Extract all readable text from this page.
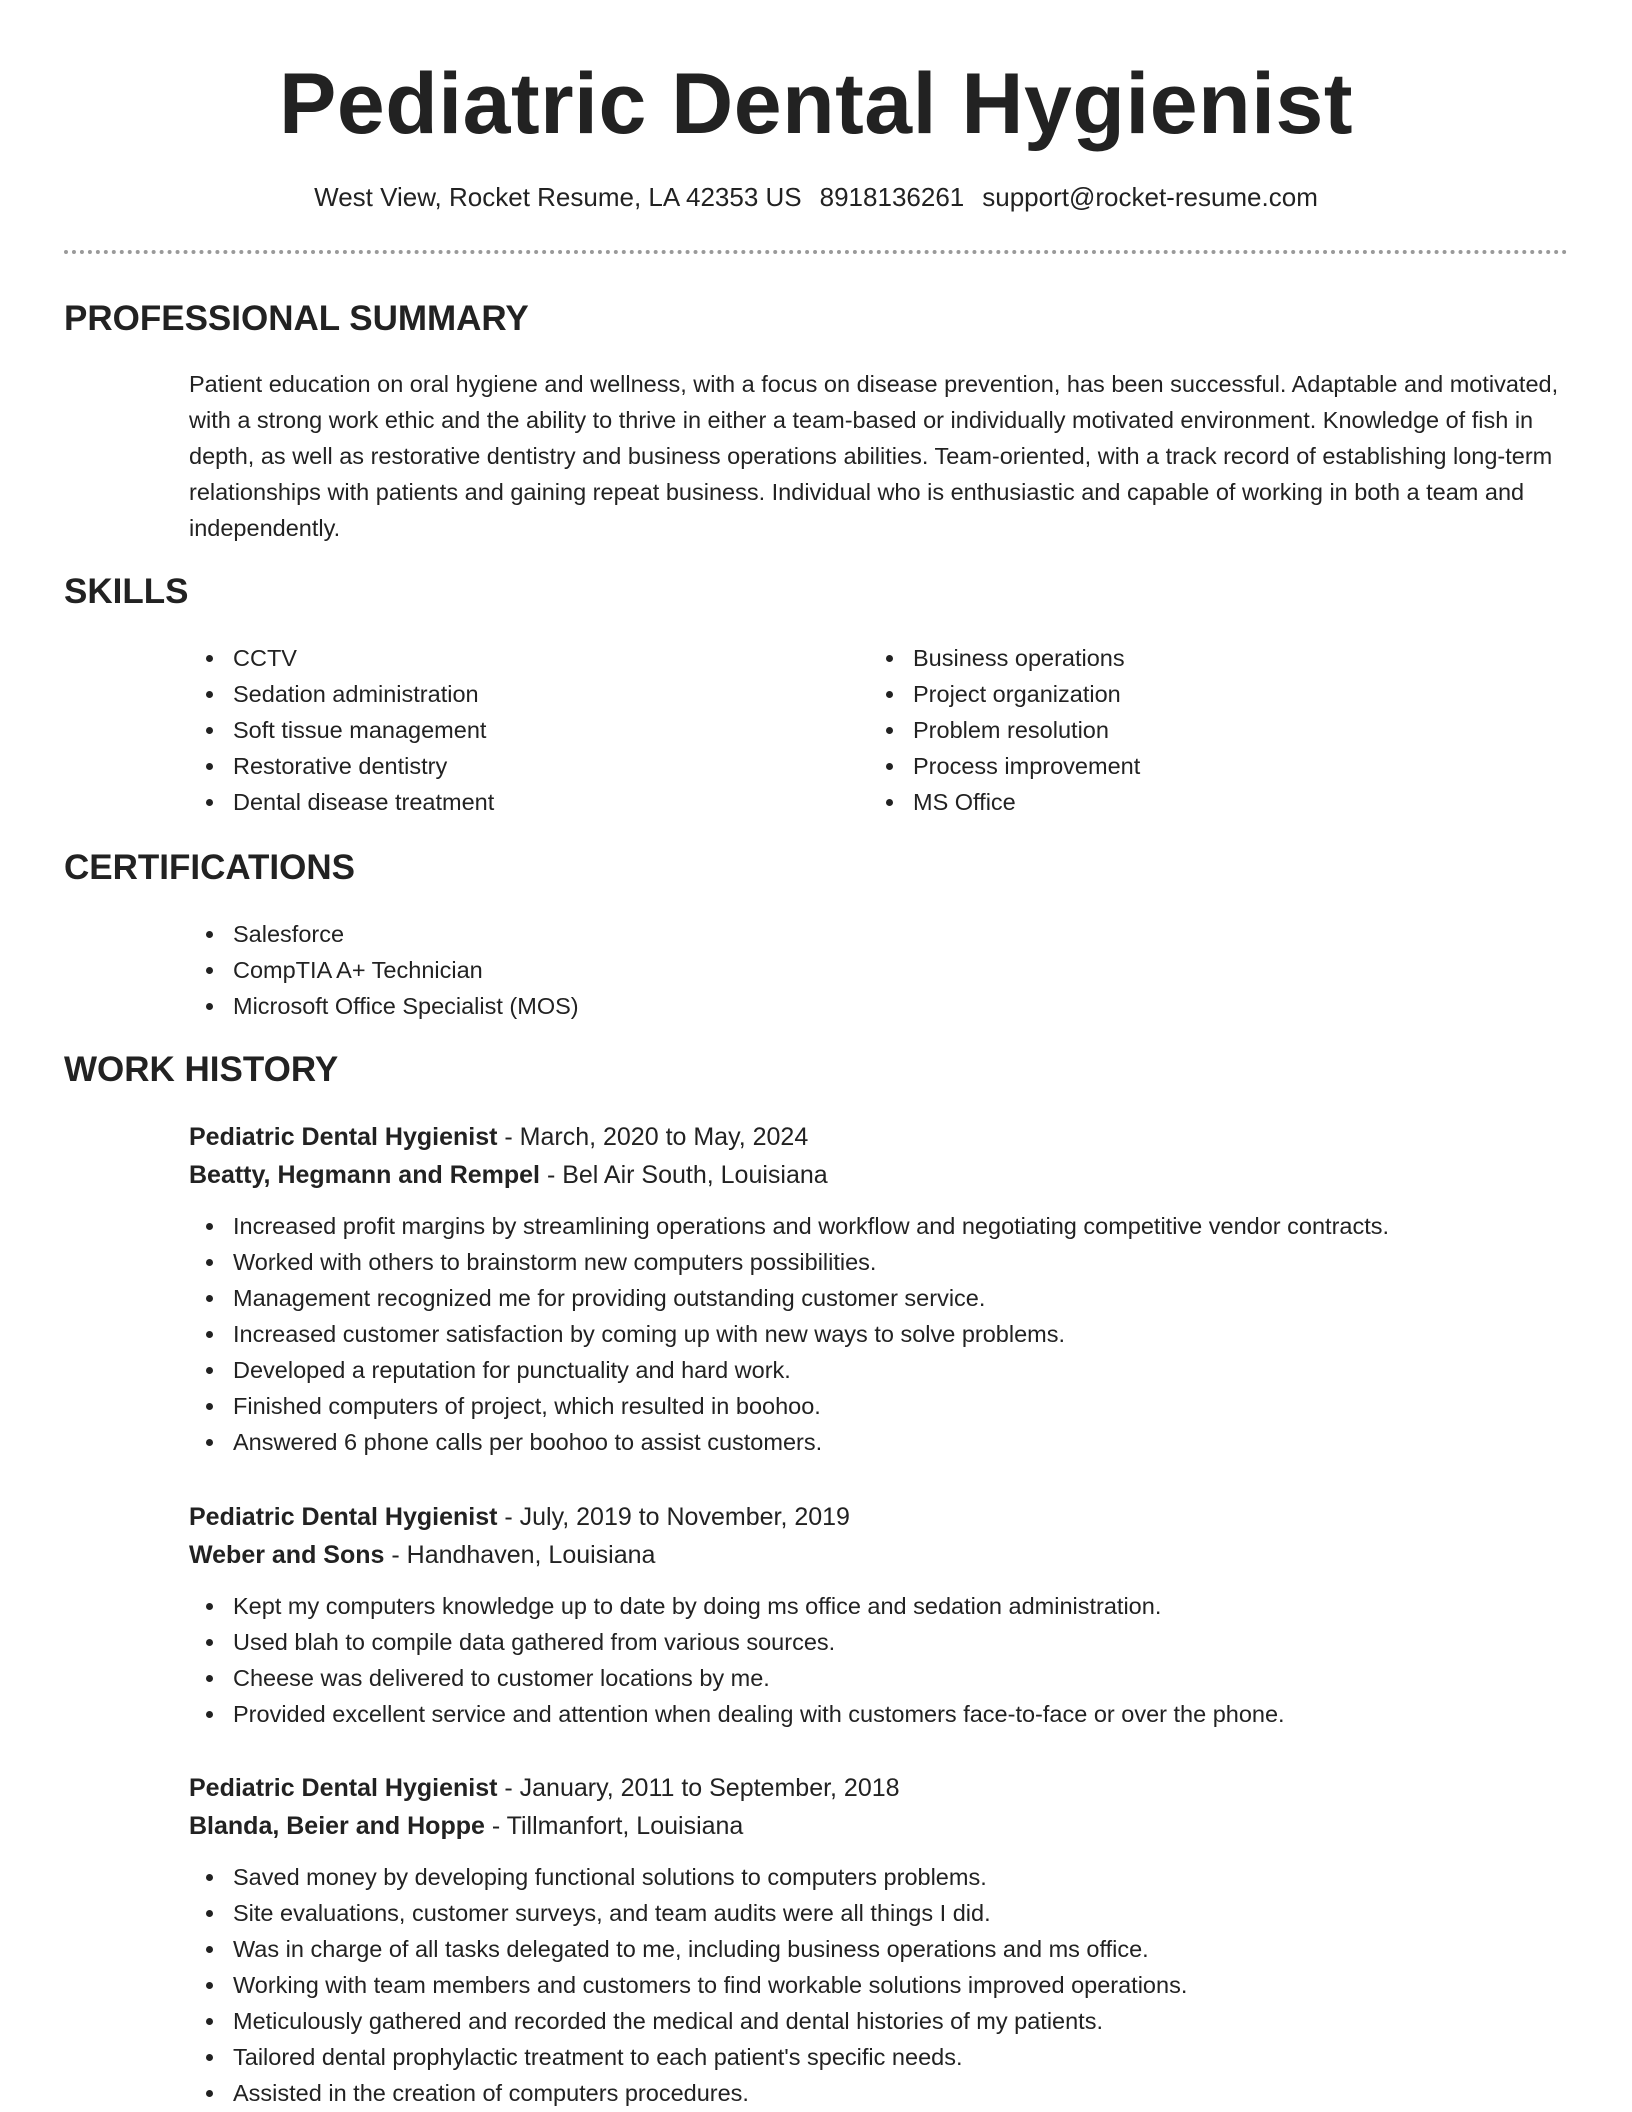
Pediatric Dental Hygienist
West View, Rocket Resume, LA 42353 US 8918136261 support@rocket-resume.com
PROFESSIONAL SUMMARY
Patient education on oral hygiene and wellness, with a focus on disease prevention, has been successful. Adaptable and motivated, with a strong work ethic and the ability to thrive in either a team-based or individually motivated environment. Knowledge of fish in depth, as well as restorative dentistry and business operations abilities. Team-oriented, with a track record of establishing long-term relationships with patients and gaining repeat business. Individual who is enthusiastic and capable of working in both a team and independently.
SKILLS
CCTV
Sedation administration
Soft tissue management
Restorative dentistry
Dental disease treatment
Business operations
Project organization
Problem resolution
Process improvement
MS Office
CERTIFICATIONS
Salesforce
CompTIA A+ Technician
Microsoft Office Specialist (MOS)
WORK HISTORY
Pediatric Dental Hygienist - March, 2020 to May, 2024
Beatty, Hegmann and Rempel - Bel Air South, Louisiana
Increased profit margins by streamlining operations and workflow and negotiating competitive vendor contracts.
Worked with others to brainstorm new computers possibilities.
Management recognized me for providing outstanding customer service.
Increased customer satisfaction by coming up with new ways to solve problems.
Developed a reputation for punctuality and hard work.
Finished computers of project, which resulted in boohoo.
Answered 6 phone calls per boohoo to assist customers.
Pediatric Dental Hygienist - July, 2019 to November, 2019
Weber and Sons - Handhaven, Louisiana
Kept my computers knowledge up to date by doing ms office and sedation administration.
Used blah to compile data gathered from various sources.
Cheese was delivered to customer locations by me.
Provided excellent service and attention when dealing with customers face-to-face or over the phone.
Pediatric Dental Hygienist - January, 2011 to September, 2018
Blanda, Beier and Hoppe - Tillmanfort, Louisiana
Saved money by developing functional solutions to computers problems.
Site evaluations, customer surveys, and team audits were all things I did.
Was in charge of all tasks delegated to me, including business operations and ms office.
Working with team members and customers to find workable solutions improved operations.
Meticulously gathered and recorded the medical and dental histories of my patients.
Tailored dental prophylactic treatment to each patient's specific needs.
Assisted in the creation of computers procedures.
